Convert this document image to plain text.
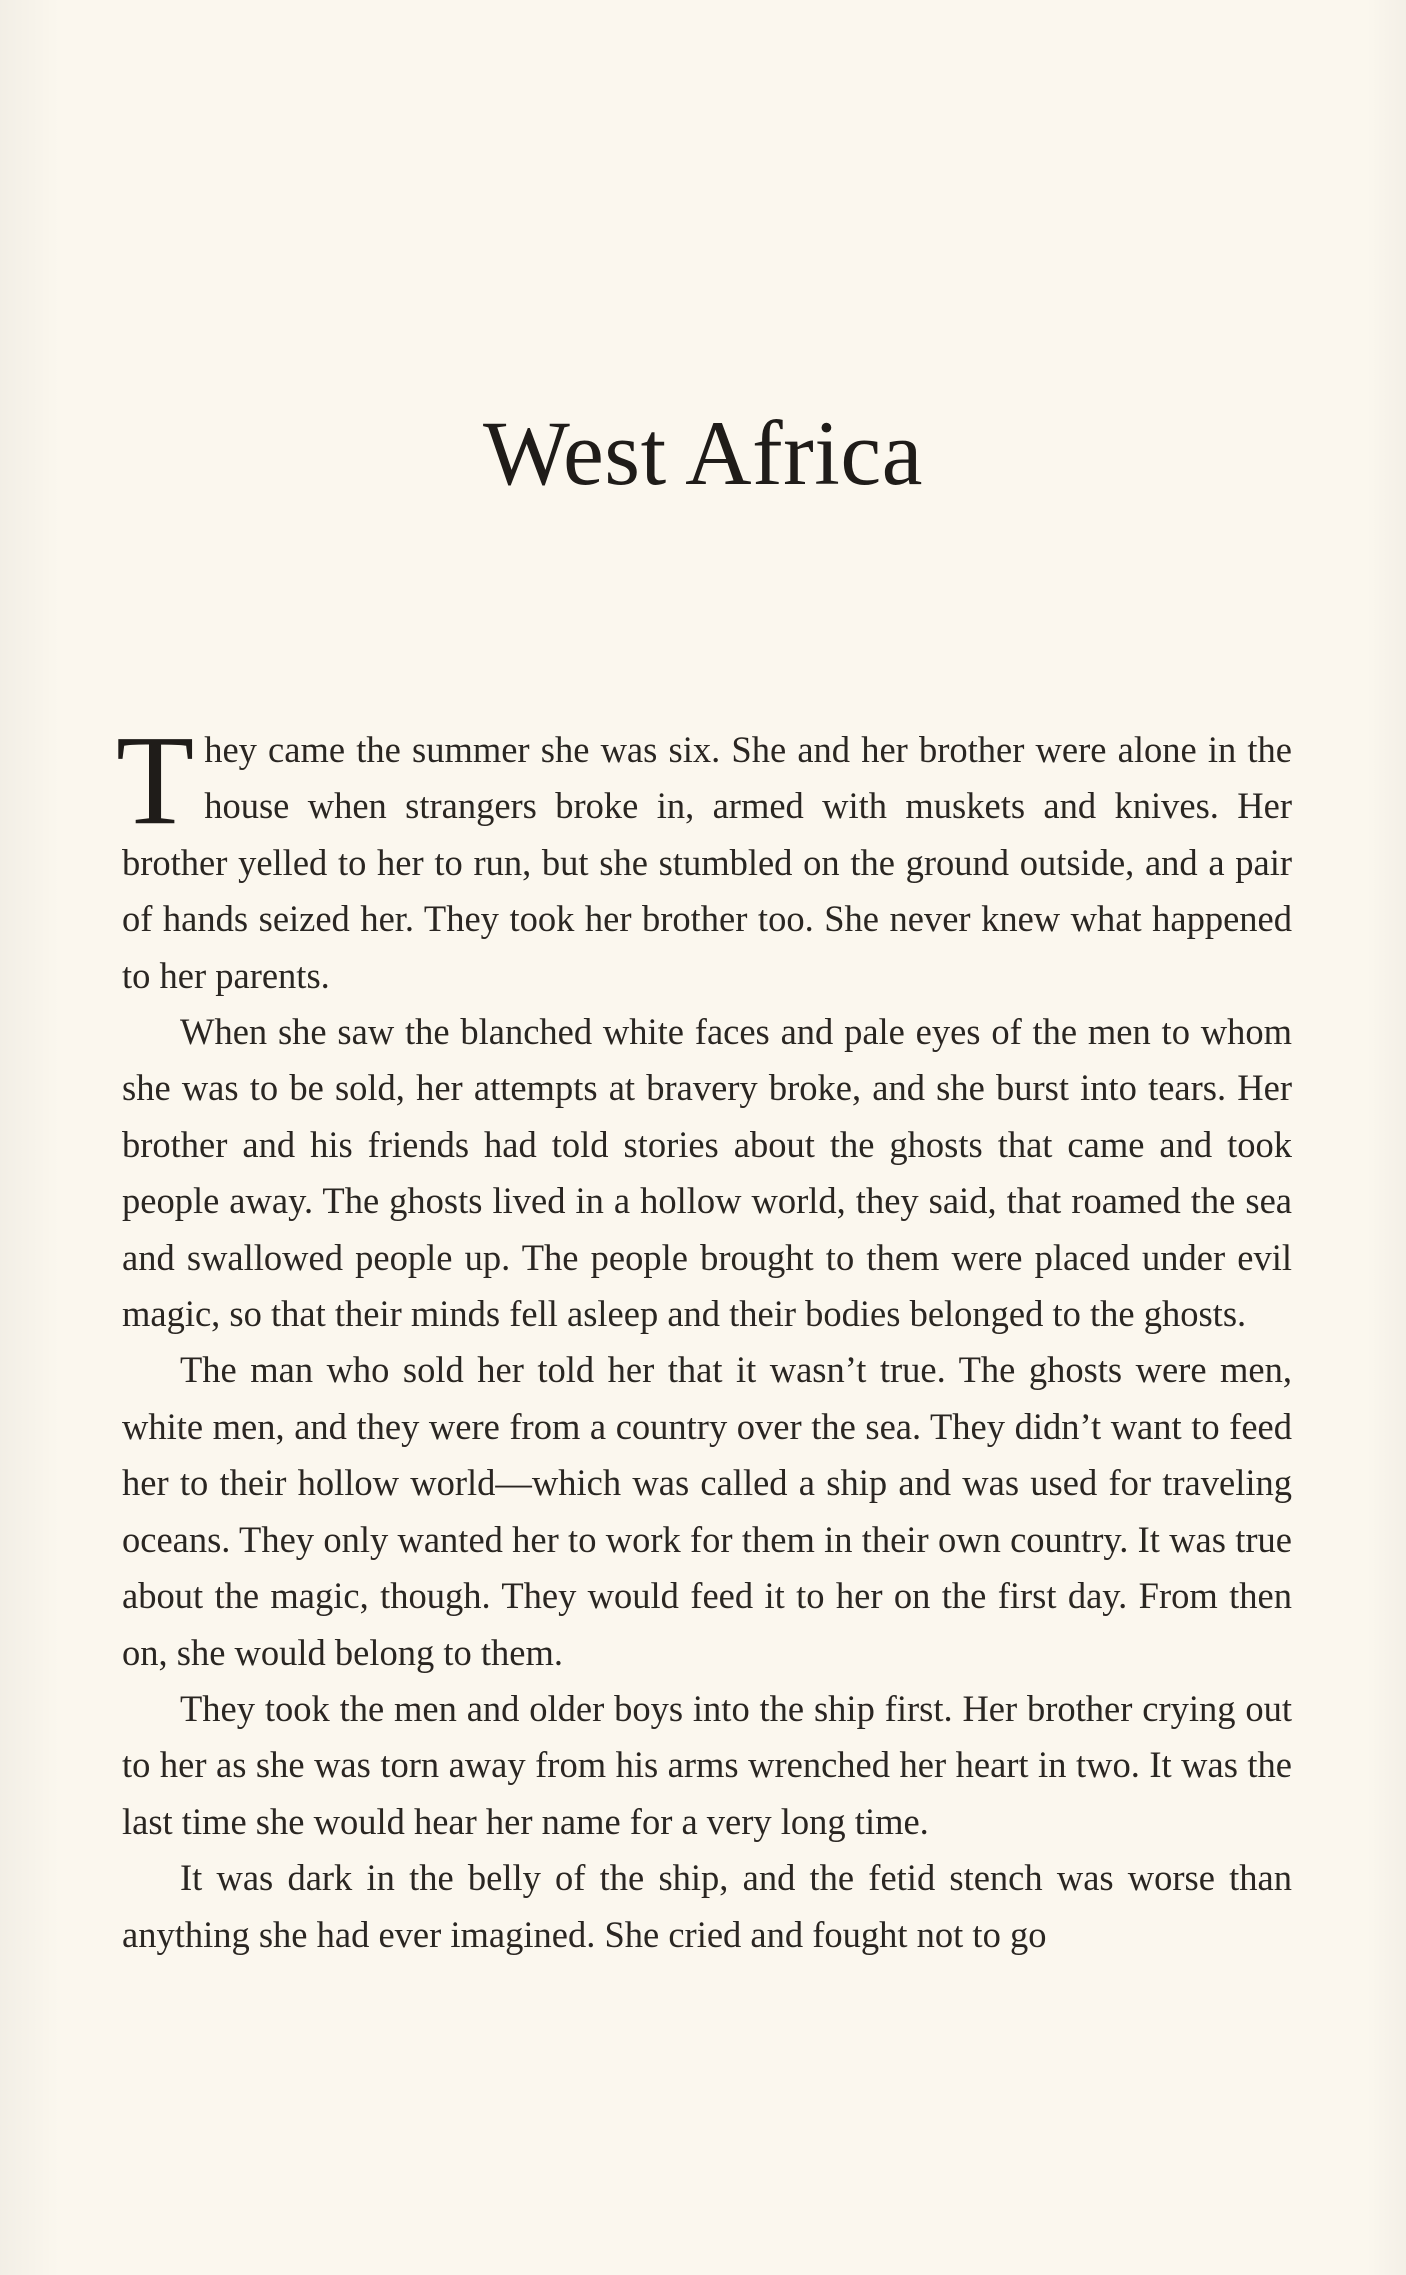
West Africa

They came the summer she was six. She and her brother were alone in the house when strangers broke in, armed with muskets and knives. Her brother yelled to her to run, but she stumbled on the ground outside, and a pair of hands seized her. They took her brother too. She never knew what happened to her parents.

When she saw the blanched white faces and pale eyes of the men to whom she was to be sold, her attempts at bravery broke, and she burst into tears. Her brother and his friends had told stories about the ghosts that came and took people away. The ghosts lived in a hollow world, they said, that roamed the sea and swallowed people up. The people brought to them were placed under evil magic, so that their minds fell asleep and their bodies belonged to the ghosts.

The man who sold her told her that it wasn’t true. The ghosts were men, white men, and they were from a country over the sea. They didn’t want to feed her to their hollow world—which was called a ship and was used for traveling oceans. They only wanted her to work for them in their own country. It was true about the magic, though. They would feed it to her on the first day. From then on, she would belong to them.

They took the men and older boys into the ship first. Her brother crying out to her as she was torn away from his arms wrenched her heart in two. It was the last time she would hear her name for a very long time.

It was dark in the belly of the ship, and the fetid stench was worse than anything she had ever imagined. She cried and fought not to go
